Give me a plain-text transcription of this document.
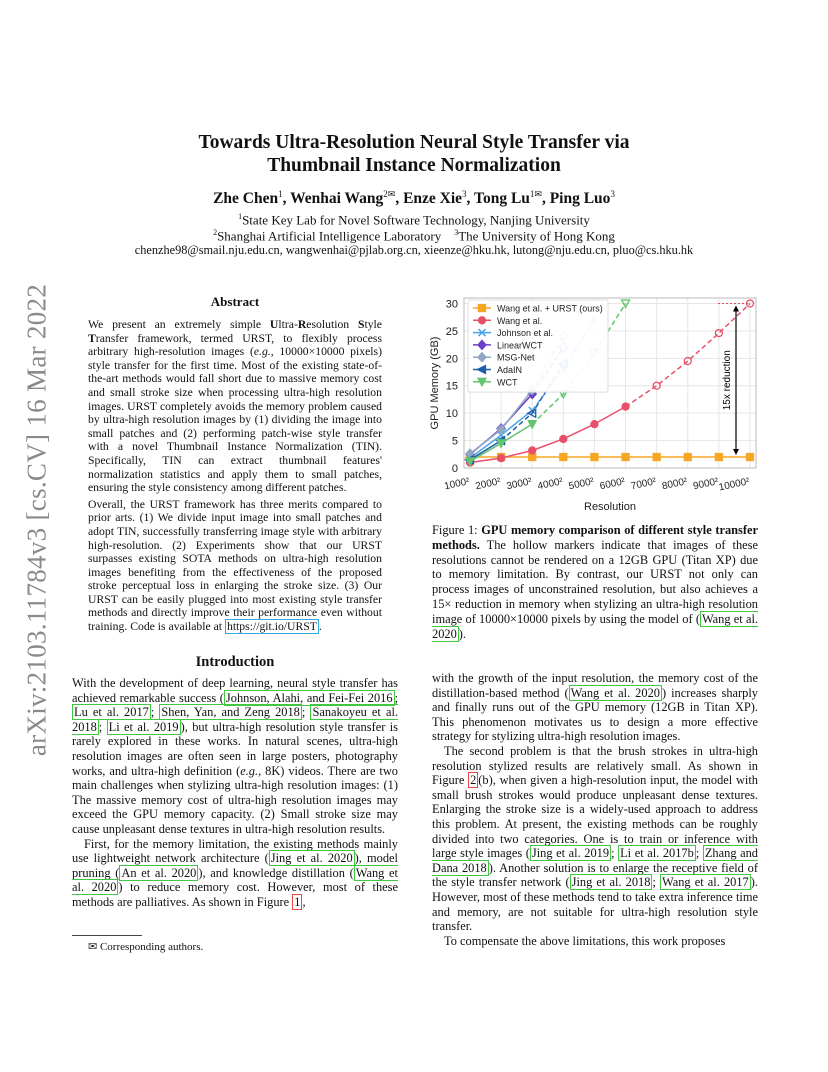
arXiv:2103.11784v3 [cs.CV] 16 Mar 2022
Towards Ultra-Resolution Neural Style Transfer via
Thumbnail Instance Normalization
Zhe Chen$^1$, Wenhai Wang$^{2✉}$, Enze Xie$^3$, Tong $Lu^{1✉}$, Ping Luo$^3$
$^1$State Key Lab for Novel Software Technology, Nanjing University
$^2$Shanghai Artificial Intelligence Laboratory $^3$The University of Hong Kong
chenzhe98@smail.nju.edu.cn, wangwenhai@pjlab.org.cn, xieenze@hku.hk, lutong@nju.edu.cn, pluo@cs.hku.hk
Abstract

We present an extremely simple Ultra-Resolution Style Transfer framework, termed URST, to flexibly process arbitrary high-resolution images (e.g., 10000×10000 pixels) style transfer for the first time. Most of the existing state-of-the-art methods would fall short due to massive memory cost and small stroke size when processing ultra-high resolution images. URST completely avoids the memory problem caused by ultra-high resolution images by (1) dividing the image into small patches and (2) performing patch-wise style transfer with a novel Thumbnail Instance Normalization (TIN). Specifically, TIN can extract thumbnail features' normalization statistics and apply them to small patches, ensuring the style consistency among different patches.

Overall, the URST framework has three merits compared to prior arts. (1) We divide input image into small patches and adopt TIN, successfully transferring image style with arbitrary high-resolution. (2) Experiments show that our URST surpasses existing SOTA methods on ultra-high resolution images benefiting from the effectiveness of the proposed stroke perceptual loss in enlarging the stroke size. (3) Our URST can be easily plugged into most existing style transfer methods and directly improve their performance even without training. Code is available at https://git.io/URST .

Introduction

With the development of deep learning, neural style transfer has achieved remarkable success ( Johnson, Alahi, and Fei-Fei 2016 ; Lu et al. 2017 ; Shen, Yan, and Zeng 2018 ; Sanakoyeu et al. 2018 ; Li et al. 2019 ), but ultra-high resolution style transfer is rarely explored in these works. In natural scenes, ultra-high resolution images are often seen in large posters, photography works, and ultra-high definition (e.g., 8K) videos. There are two main challenges when stylizing ultra-high resolution images: (1) The massive memory cost of ultra-high resolution images may exceed the GPU memory capacity. (2) Small stroke size may cause unpleasant dense textures in ultra-high resolution results.

First, for the memory limitation, the existing methods mainly use lightweight network architecture ( Jing et al. 2020 ), model pruning ( An et al. 2020 ), and knowledge distillation ( Wang et al. 2020 ) to reduce memory cost. However, most of these methods are palliatives. As shown in Figure 1 ,

✉ Corresponding authors.
0
5
10
15
20
25
30
1000² 2000² 3000² 4000² 5000² 6000² 7000² 8000² 9000²
10000²
Resolution
GPU Memory (GB)
Wang et al. + URST (ours)
Wang et al.
Johnson et al.
LinearWCT
MSG-Net
AdaIN
WCT	15x reduction
Figure 1: GPU memory comparison of different style transfer methods. The hollow markers indicate that images of these resolutions cannot be rendered on a 12GB GPU (Titan XP) due to memory limitation. By contrast, our URST not only can process images of unconstrained resolution, but also achieves a 15× reduction in memory when stylizing an ultra-high resolution image of 10000×10000 pixels by using the model of ( Wang et al. 2020 ).

with the growth of the input resolution, the memory cost of the distillation-based method ( Wang et al. 2020 ) increases sharply and finally runs out of the GPU memory (12GB in Titan XP). This phenomenon motivates us to design a more effective strategy for stylizing ultra-high resolution images.

The second problem is that the brush strokes in ultra-high resolution stylized results are relatively small. As shown in Figure 2 (b), when given a high-resolution input, the model with small brush strokes would produce unpleasant dense textures. Enlarging the stroke size is a widely-used approach to address this problem. At present, the existing methods can be roughly divided into two categories. One is to train or inference with large style images ( Jing et al. 2019 ; Li et al. 2017b ; Zhang and Dana 2018 ). Another solution is to enlarge the receptive field of the style transfer network ( Jing et al. 2018 ; Wang et al. 2017 ). However, most of these methods tend to take extra inference time and memory, are not suitable for ultra-high resolution style transfer.

To compensate the above limitations, this work proposes
